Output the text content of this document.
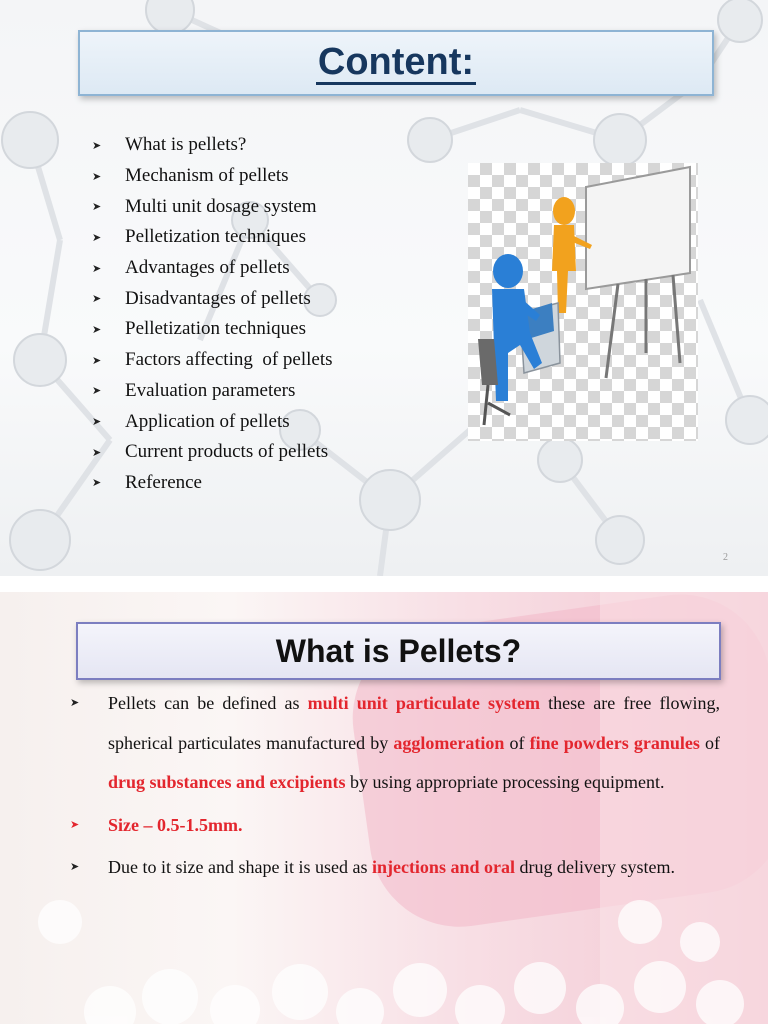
Content:
➤	What is pellets?
➤	Mechanism of pellets
➤	Multi unit dosage system
➤	Pelletization techniques
➤	Advantages of pellets
➤	Disadvantages of pellets
➤	Pelletization techniques
➤	Factors affecting  of pellets
➤	Evaluation parameters
➤	Application of pellets
➤	Current products of pellets
➤	Reference
2
What is Pellets?
➤	Pellets can be defined as multi unit particulate system these are free flowing, spherical particulates manufactured by agglomeration of fine powders granules of drug substances and excipients by using appropriate processing equipment.
➤	Size – 0.5-1.5mm.
➤	Due to it size and shape it is used as injections and oral drug delivery system.
